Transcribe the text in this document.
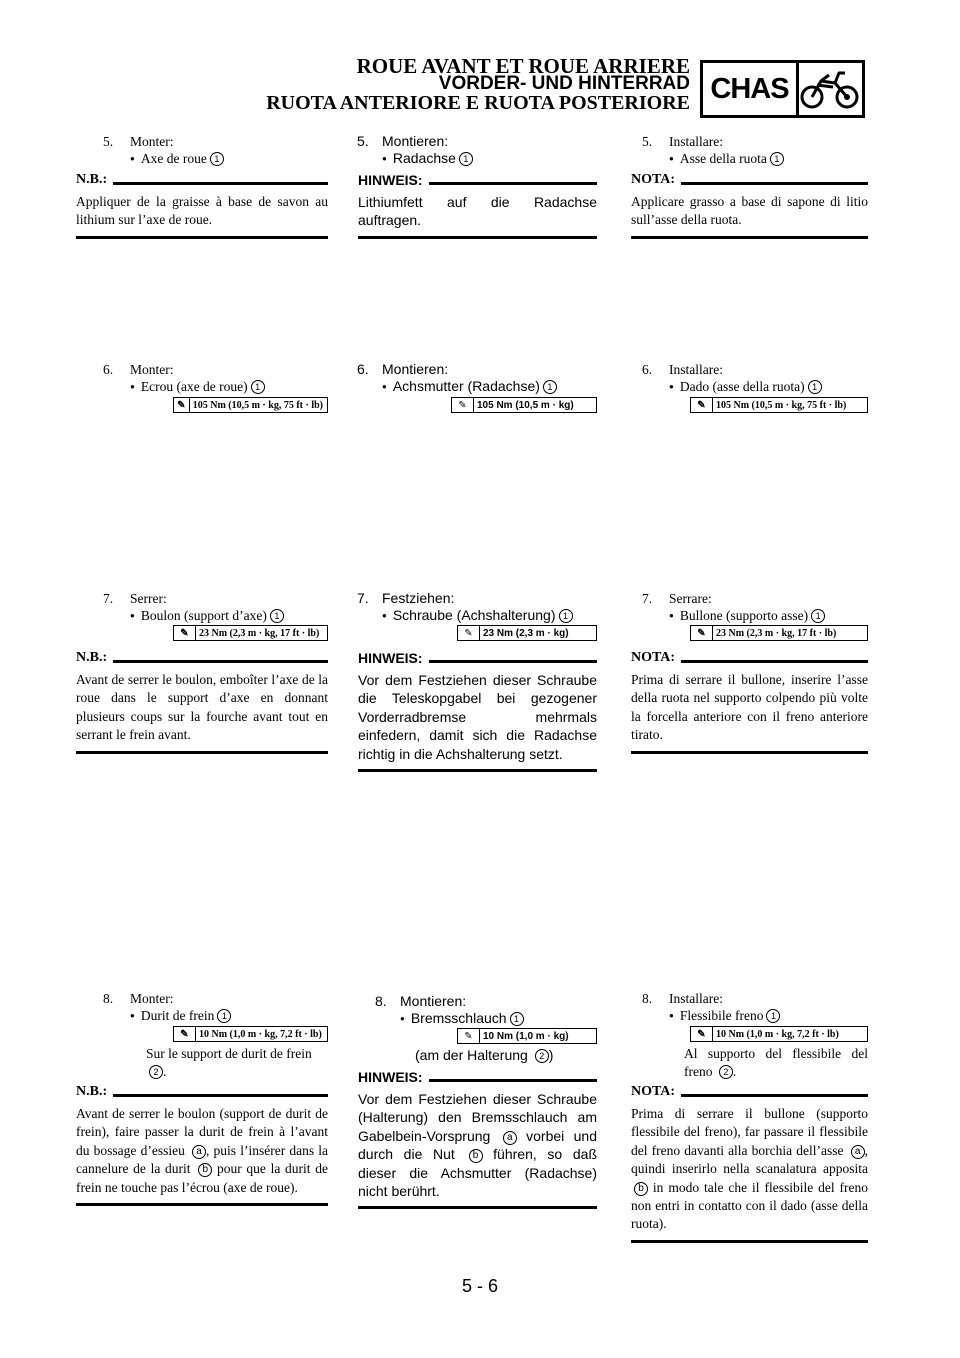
ROUE AVANT ET ROUE ARRIERE
VORDER- UND HINTERRAD
RUOTA ANTERIORE E RUOTA POSTERIORE CHAS
5. Monter:
● Axe de roue 1
N.B.:
Appliquer de la graisse à base de savon au lithium sur l’axe de roue.
6. Monter:
● Ecrou (axe de roue) 1
✎ 105 Nm (10,5 m · kg, 75 ft · lb)
7. Serrer:
● Boulon (support d’axe) 1
✎	23 Nm (2,3 m · kg, 17 ft · lb)
N.B.:
Avant de serrer le boulon, emboîter l’axe de la roue dans le support d’axe en donnant plusieurs coups sur la fourche avant tout en serrant le frein avant.
8. Monter:
● Durit de frein 1
✎	10 Nm (1,0 m · kg, 7,2 ft · lb)
Sur le support de durit de frein 2 .
N.B.:
Avant de serrer le boulon (support de durit de frein), faire passer la durit de frein à l’avant du bossage d’essieu a , puis l’insérer dans la cannelure de la durit b pour que la durit de frein ne touche pas l’écrou (axe de roue).
5. Montieren:
● Radachse 1
HINWEIS:
Lithiumfett auf die Radachse auftragen.
6. Montieren:
● Achsmutter (Radachse) 1
✎	105 Nm (10,5 m · kg)
7. Festziehen:
● Schraube (Achshalterung) 1
✎	23 Nm (2,3 m · kg)
HINWEIS:
Vor dem Festziehen dieser Schraube die Teleskopgabel bei gezogener Vorderradbremse mehrmals einfedern, damit sich die Radachse richtig in die Achshalterung setzt.
8. Montieren:
● Bremsschlauch 1
✎	10 Nm (1,0 m · kg)
(am der Halterung 2 )
HINWEIS:
Vor dem Festziehen dieser Schraube (Halterung) den Bremsschlauch am Gabelbein-Vorsprung a vorbei und durch die Nut b führen, so daß dieser die Achsmutter (Radachse) nicht berührt.
5. Installare:
● Asse della ruota 1
NOTA:
Applicare grasso a base di sapone di litio sull’asse della ruota.
6. Installare:
● Dado (asse della ruota) 1
✎	105 Nm (10,5 m · kg, 75 ft · lb)
7. Serrare:
● Bullone (supporto asse) 1
✎	23 Nm (2,3 m · kg, 17 ft · lb)
NOTA:
Prima di serrare il bullone, inserire l’asse della ruota nel supporto colpendo più volte la forcella anteriore con il freno anteriore tirato.
8. Installare:
● Flessibile freno 1
✎	10 Nm (1,0 m · kg, 7,2 ft · lb)
Al supporto del flessibile del freno 2 .
NOTA:
Prima di serrare il bullone (supporto flessibile del freno), far passare il flessibile del freno davanti alla borchia dell’asse a , quindi inserirlo nella scanalatura apposita b in modo tale che il flessibile del freno non entri in contatto con il dado (asse della ruota).
5 - 6
